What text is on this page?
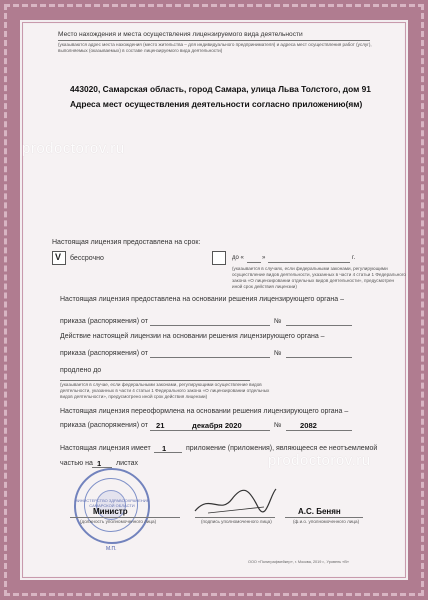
Место нахождения и места осуществления лицензируемого вида деятельности
(указываются адрес места нахождения (место жительства – для индивидуального предпринимателя) и адреса мест осуществления работ (услуг),
выполняемых (оказываемых) в составе лицензируемого вида деятельности)
443020, Самарская область, город Самара, улица Льва Толстого, дом 91
Адреса мест осуществления деятельности согласно приложению(ям)
prodoctorov.ru
prodoctorov.ru
Настоящая лицензия предоставлена на срок:
V бессрочно	до «	»	г.
(указывается в случаях, если федеральными законами, регулирующими
осуществление видов деятельности, указанных в части 4 статьи 1 Федерального
закона «О лицензировании отдельных видов деятельности», предусмотрен
иной срок действия лицензии)
Настоящая лицензия предоставлена на основании решения лицензирующего органа –
приказа (распоряжения) от	№
Действие настоящей лицензии на основании решения лицензирующего органа –
приказа (распоряжения) от	№
продлено до
(указывается в случае, если федеральными законами, регулирующими осуществление видов
деятельности, указанных в части 4 статьи 1 Федерального закона «О лицензировании отдельных
видов деятельности», предусмотрено иной срок действия лицензии)
Настоящая лицензия переоформлена на основании решения лицензирующего органа –
приказа (распоряжения) от 21	декабря 2020	№ 2082
Настоящая лицензия имеет 1	приложение (приложения), являющееся ее неотъемлемой
частью на 1 листах
МИНИСТЕРСТВО ЗДРАВООХРАНЕНИЯ САМАРСКОЙ ОБЛАСТИ
М.П.
Министр
(должность уполномоченного лица)	(подпись уполномоченного лица)
А.С. Бенян
(ф.и.о. уполномоченного лица)
ООО «Полиграфмейкер», г. Москва, 2019 г., Уровень «В»
